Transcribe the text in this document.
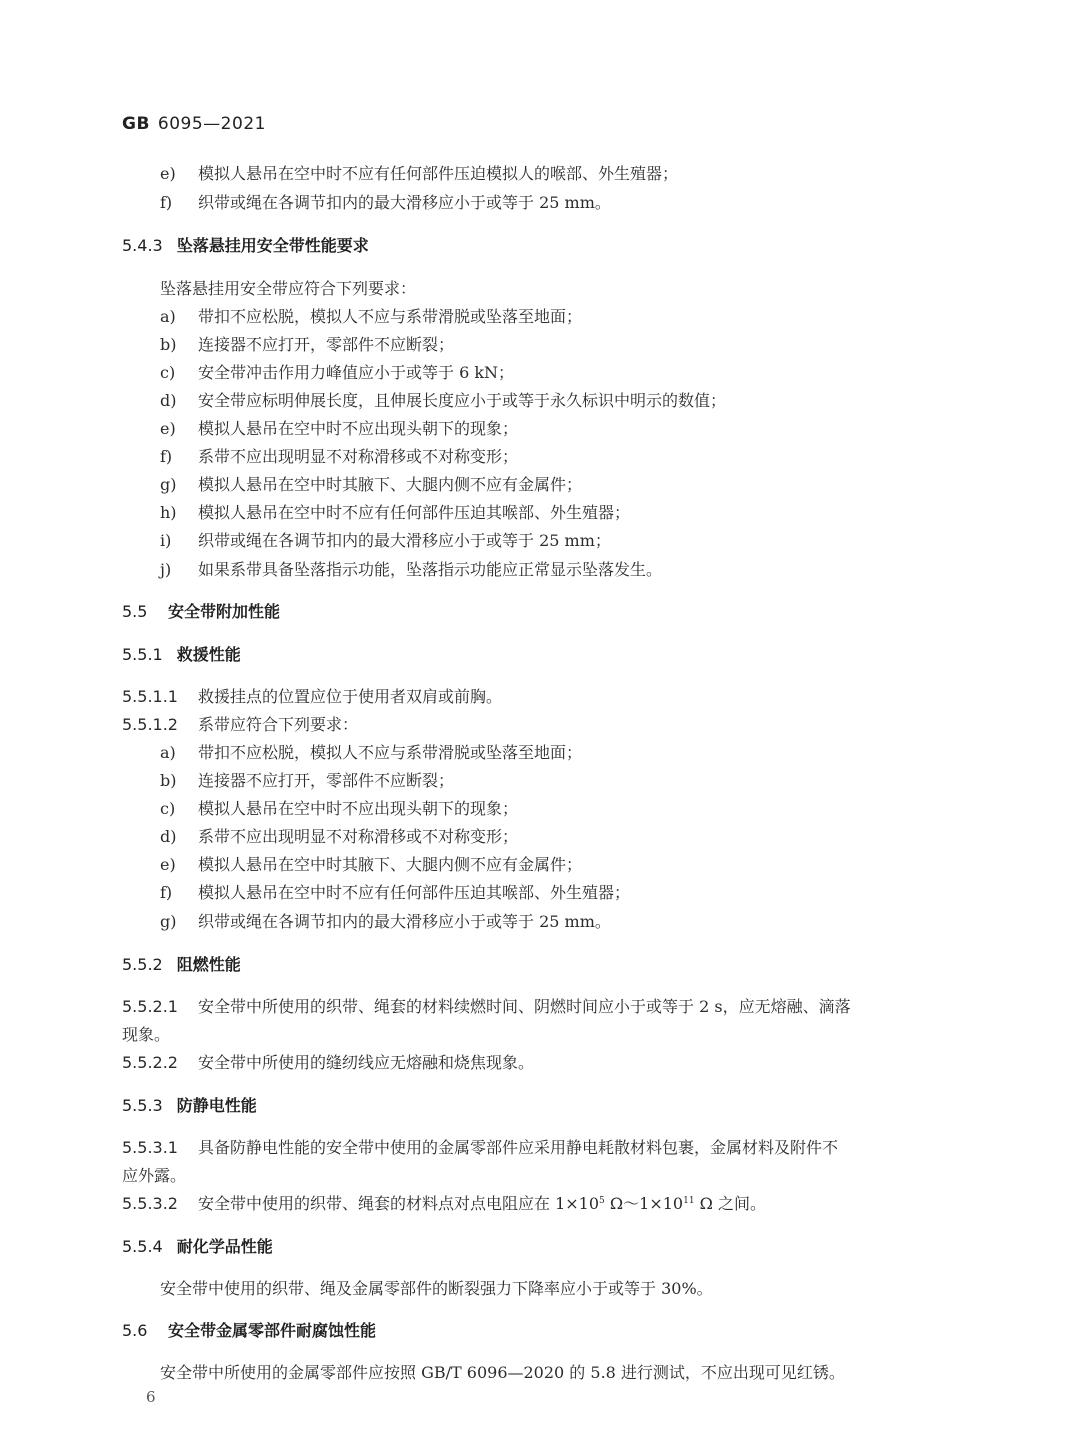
GB 6095—2021
e) 模拟人悬吊在空中时不应有任何部件压迫模拟人的喉部、外生殖器；
f) 织带或绳在各调节扣内的最大滑移应小于或等于 25 mm。
5.4.3 坠落悬挂用安全带性能要求
坠落悬挂用安全带应符合下列要求：
a) 带扣不应松脱，模拟人不应与系带滑脱或坠落至地面；
b) 连接器不应打开，零部件不应断裂；
c) 安全带冲击作用力峰值应小于或等于 6 kN；
d) 安全带应标明伸展长度，且伸展长度应小于或等于永久标识中明示的数值；
e) 模拟人悬吊在空中时不应出现头朝下的现象；
f) 系带不应出现明显不对称滑移或不对称变形；
g) 模拟人悬吊在空中时其腋下、大腿内侧不应有金属件；
h) 模拟人悬吊在空中时不应有任何部件压迫其喉部、外生殖器；
i) 织带或绳在各调节扣内的最大滑移应小于或等于 25 mm；
j) 如果系带具备坠落指示功能，坠落指示功能应正常显示坠落发生。
5.5 安全带附加性能
5.5.1 救援性能
5.5.1.1 救援挂点的位置应位于使用者双肩或前胸。
5.5.1.2 系带应符合下列要求：
a) 带扣不应松脱，模拟人不应与系带滑脱或坠落至地面；
b) 连接器不应打开，零部件不应断裂；
c) 模拟人悬吊在空中时不应出现头朝下的现象；
d) 系带不应出现明显不对称滑移或不对称变形；
e) 模拟人悬吊在空中时其腋下、大腿内侧不应有金属件；
f) 模拟人悬吊在空中时不应有任何部件压迫其喉部、外生殖器；
g) 织带或绳在各调节扣内的最大滑移应小于或等于 25 mm。
5.5.2 阻燃性能
5.5.2.1 安全带中所使用的织带、绳套的材料续燃时间、阴燃时间应小于或等于 2 s，应无熔融、滴落
现象。
5.5.2.2 安全带中所使用的缝纫线应无熔融和烧焦现象。
5.5.3 防静电性能
5.5.3.1 具备防静电性能的安全带中使用的金属零部件应采用静电耗散材料包裹，金属材料及附件不
应外露。
5.5.3.2 安全带中使用的织带、绳套的材料点对点电阻应在 $1\times 10^5$ $\Omega\sim 1\times 10^{11}$ Ω 之间。
5.5.4 耐化学品性能
安全带中使用的织带、绳及金属零部件的断裂强力下降率应小于或等于 30%。
5.6 安全带金属零部件耐腐蚀性能
安全带中所使用的金属零部件应按照 GB/T 6096—2020 的 5.8 进行测试，不应出现可见红锈。
6
